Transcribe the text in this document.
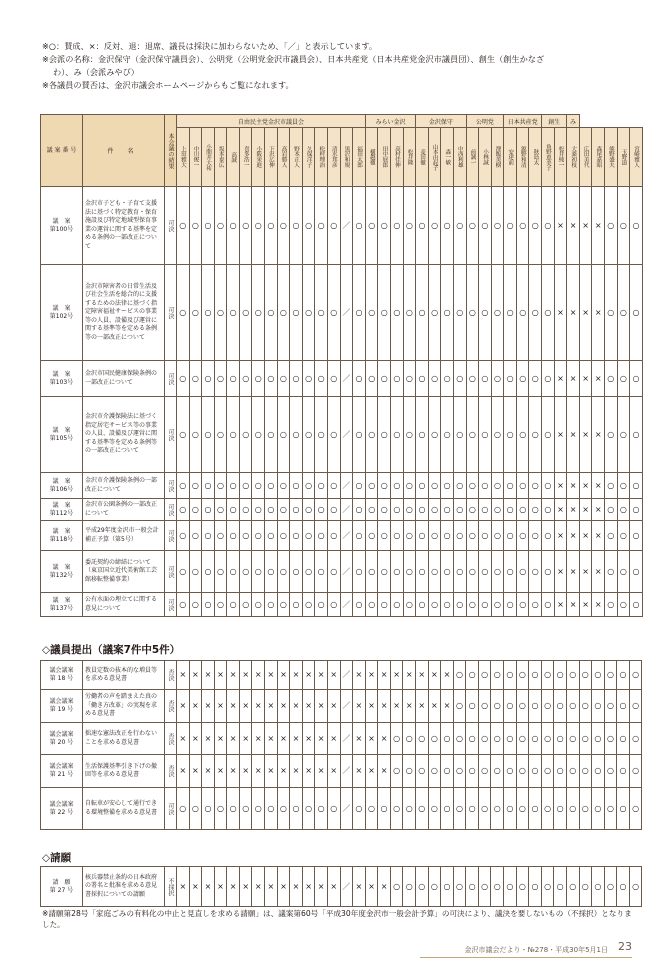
※○：賛成、×：反対、退：退席、議長は採決に加わらないため、「／」と表示しています。
※会派の名称：金沢保守（金沢保守議員会）、公明党（公明党金沢市議員会）、日本共産党（日本共産党金沢市議員団）、創生（創生かなざ
わ）、み（会派みやび）
※各議員の賛否は、金沢市議会ホームページからもご覧になれます。
議 案 番 号	件 名	本会議の結果	自由民主党金沢市議員会															みらい金沢				金沢保守				公明党			日本共産党			創生		み					

			上田雅大	中川俊一	小間井大祐	坂本泰広	高誠	喜多浩一	小阪栄進	下沢広伸	高岩勝人	野本正人	久保洋子	松村理治	清水邦彦	黒沢和規	福田太郎	横越徹	田中展郎	高村佳伸	松井隆	麦田徹	山本由起子	森一敏	中西利雄	前誠一	小林誠	澤飯英樹	安達前	源野和清	秋島太	角野恵美子	松井純一	大桑初枝	広田美代	森尾嘉昭	熊野盛夫	玉野道	宮崎雅人

議　案
第100号	金沢市子ども・子育て支援法に基づく特定教育・保育施設及び特定地域型保育事業の運営に関する基準を定める条例の一部改正について	可決	○	○	○	○	○	○	○	○	○	○	○	○	○	／	○	○	○	○	○	○	○	○	○	○	○	○	○	○	○	○	×	×	×	×	○	○	○
議　案
第102号	金沢市障害者の日常生活及び社会生活を総合的に支援するための法律に基づく指定障害福祉サービスの事業等の人員、設備及び運営に関する基準等を定める条例等の一部改正について	可決	○	○	○	○	○	○	○	○	○	○	○	○	○	／	○	○	○	○	○	○	○	○	○	○	○	○	○	○	○	○	×	×	×	×	○	○	○
議　案
第103号	金沢市国民健康保険条例の一部改正について	可決	○	○	○	○	○	○	○	○	○	○	○	○	○	／	○	○	○	○	○	○	○	○	○	○	○	○	○	○	○	○	×	×	×	×	○	○	○
議　案
第105号	金沢市介護保険法に基づく指定居宅サービス等の事業の人員、設備及び運営に関する基準等を定める条例等の一部改正について	可決	○	○	○	○	○	○	○	○	○	○	○	○	○	／	○	○	○	○	○	○	○	○	○	○	○	○	○	○	○	○	×	×	×	×	○	○	○
議　案
第106号	金沢市介護保険条例の一部改正について	可決	○	○	○	○	○	○	○	○	○	○	○	○	○	／	○	○	○	○	○	○	○	○	○	○	○	○	○	○	○	○	×	×	×	×	○	○	○
議　案
第112号	金沢市公園条例の一部改正について	可決	○	○	○	○	○	○	○	○	○	○	○	○	○	／	○	○	○	○	○	○	○	○	○	○	○	○	○	○	○	○	×	×	×	×	○	○	○
議　案
第118号	平成29年度金沢市一般会計補正予算（第5号）	可決	○	○	○	○	○	○	○	○	○	○	○	○	○	／	○	○	○	○	○	○	○	○	○	○	○	○	○	○	○	○	×	×	×	×	○	○	○
議　案
第132号	委託契約の締結について（東京国立近代美術館工芸館移転整備事業）	可決	○	○	○	○	○	○	○	○	○	○	○	○	○	／	○	○	○	○	○	○	○	○	○	○	○	○	○	○	○	○	×	×	×	×	○	○	○
議　案
第137号	公有水面の埋立てに関する意見について	可決	○	○	○	○	○	○	○	○	○	○	○	○	○	／	○	○	○	○	○	○	○	○	○	○	○	○	○	○	○	○	×	×	×	×	○	○	○
◇議員提出（議案7件中5件）
議会議案
第 18 号	教員定数の抜本的な増員等を求める意見書	否決	×	×	×	×	×	×	×	×	×	×	×	×	×	／	×	×	×	×	×	×	×	×	○	○	○	○	○	○	○	○	○	○	○	○	○	○	○			
議会議案
第 19 号	労働者の声を踏まえた真の「働き方改革」の実現を求める意見書	否決	×	×	×	×	×	×	×	×	×	×	×	×	×	／	×	×	×	×	×	×	×	×	○	○	○	○	○	○	○	○	○	○	○	○	○	○	○			
議会議案
第 20 号	拙速な憲法改正を行わないことを求める意見書	否決	×	×	×	×	×	×	×	×	×	×	×	×	×	／	×	×	×	○	○	○	○	○	○	○	○	○	○	○	○	○	○	○	○	○	○	○	○		
議会議案
第 21 号	生活保護基準引き下げの撤回等を求める意見書	否決	×	×	×	×	×	×	×	×	×	×	×	×	×	／	×	×	×	○	○	○	○	○	○	○	○	○	○	○	○	○	○	○	○	○	○	○	○		
議会議案
第 22 号	自転車が安心して通行できる環境整備を求める意見書	可決	○	○	○	○	○	○	○	○	○	○	○	○	○	／	○	○	○	○	○	○	○	○	○	○	○	○	○	○	○	○	○	○	○	○	○	○	○	
◇請願
請　願
第 27 号	核兵器禁止条約の日本政府の署名と批准を求める意見書採択についての請願	不採択	×	×	×	×	×	×	×	×	×	×	×	×	×	／	×	×	×	○	○	○	○	○	○	○	○	○	○	○	○	○	○	○	○	○	○	○	○		
※請願第28号「家庭ごみの有料化の中止と見直しを求める請願」は、議案第60号「平成30年度金沢市一般会計予算」の可決により、議決を要しないもの（不採択）となりました。
金沢市議会だより・№278・平成30年5月1日 23
